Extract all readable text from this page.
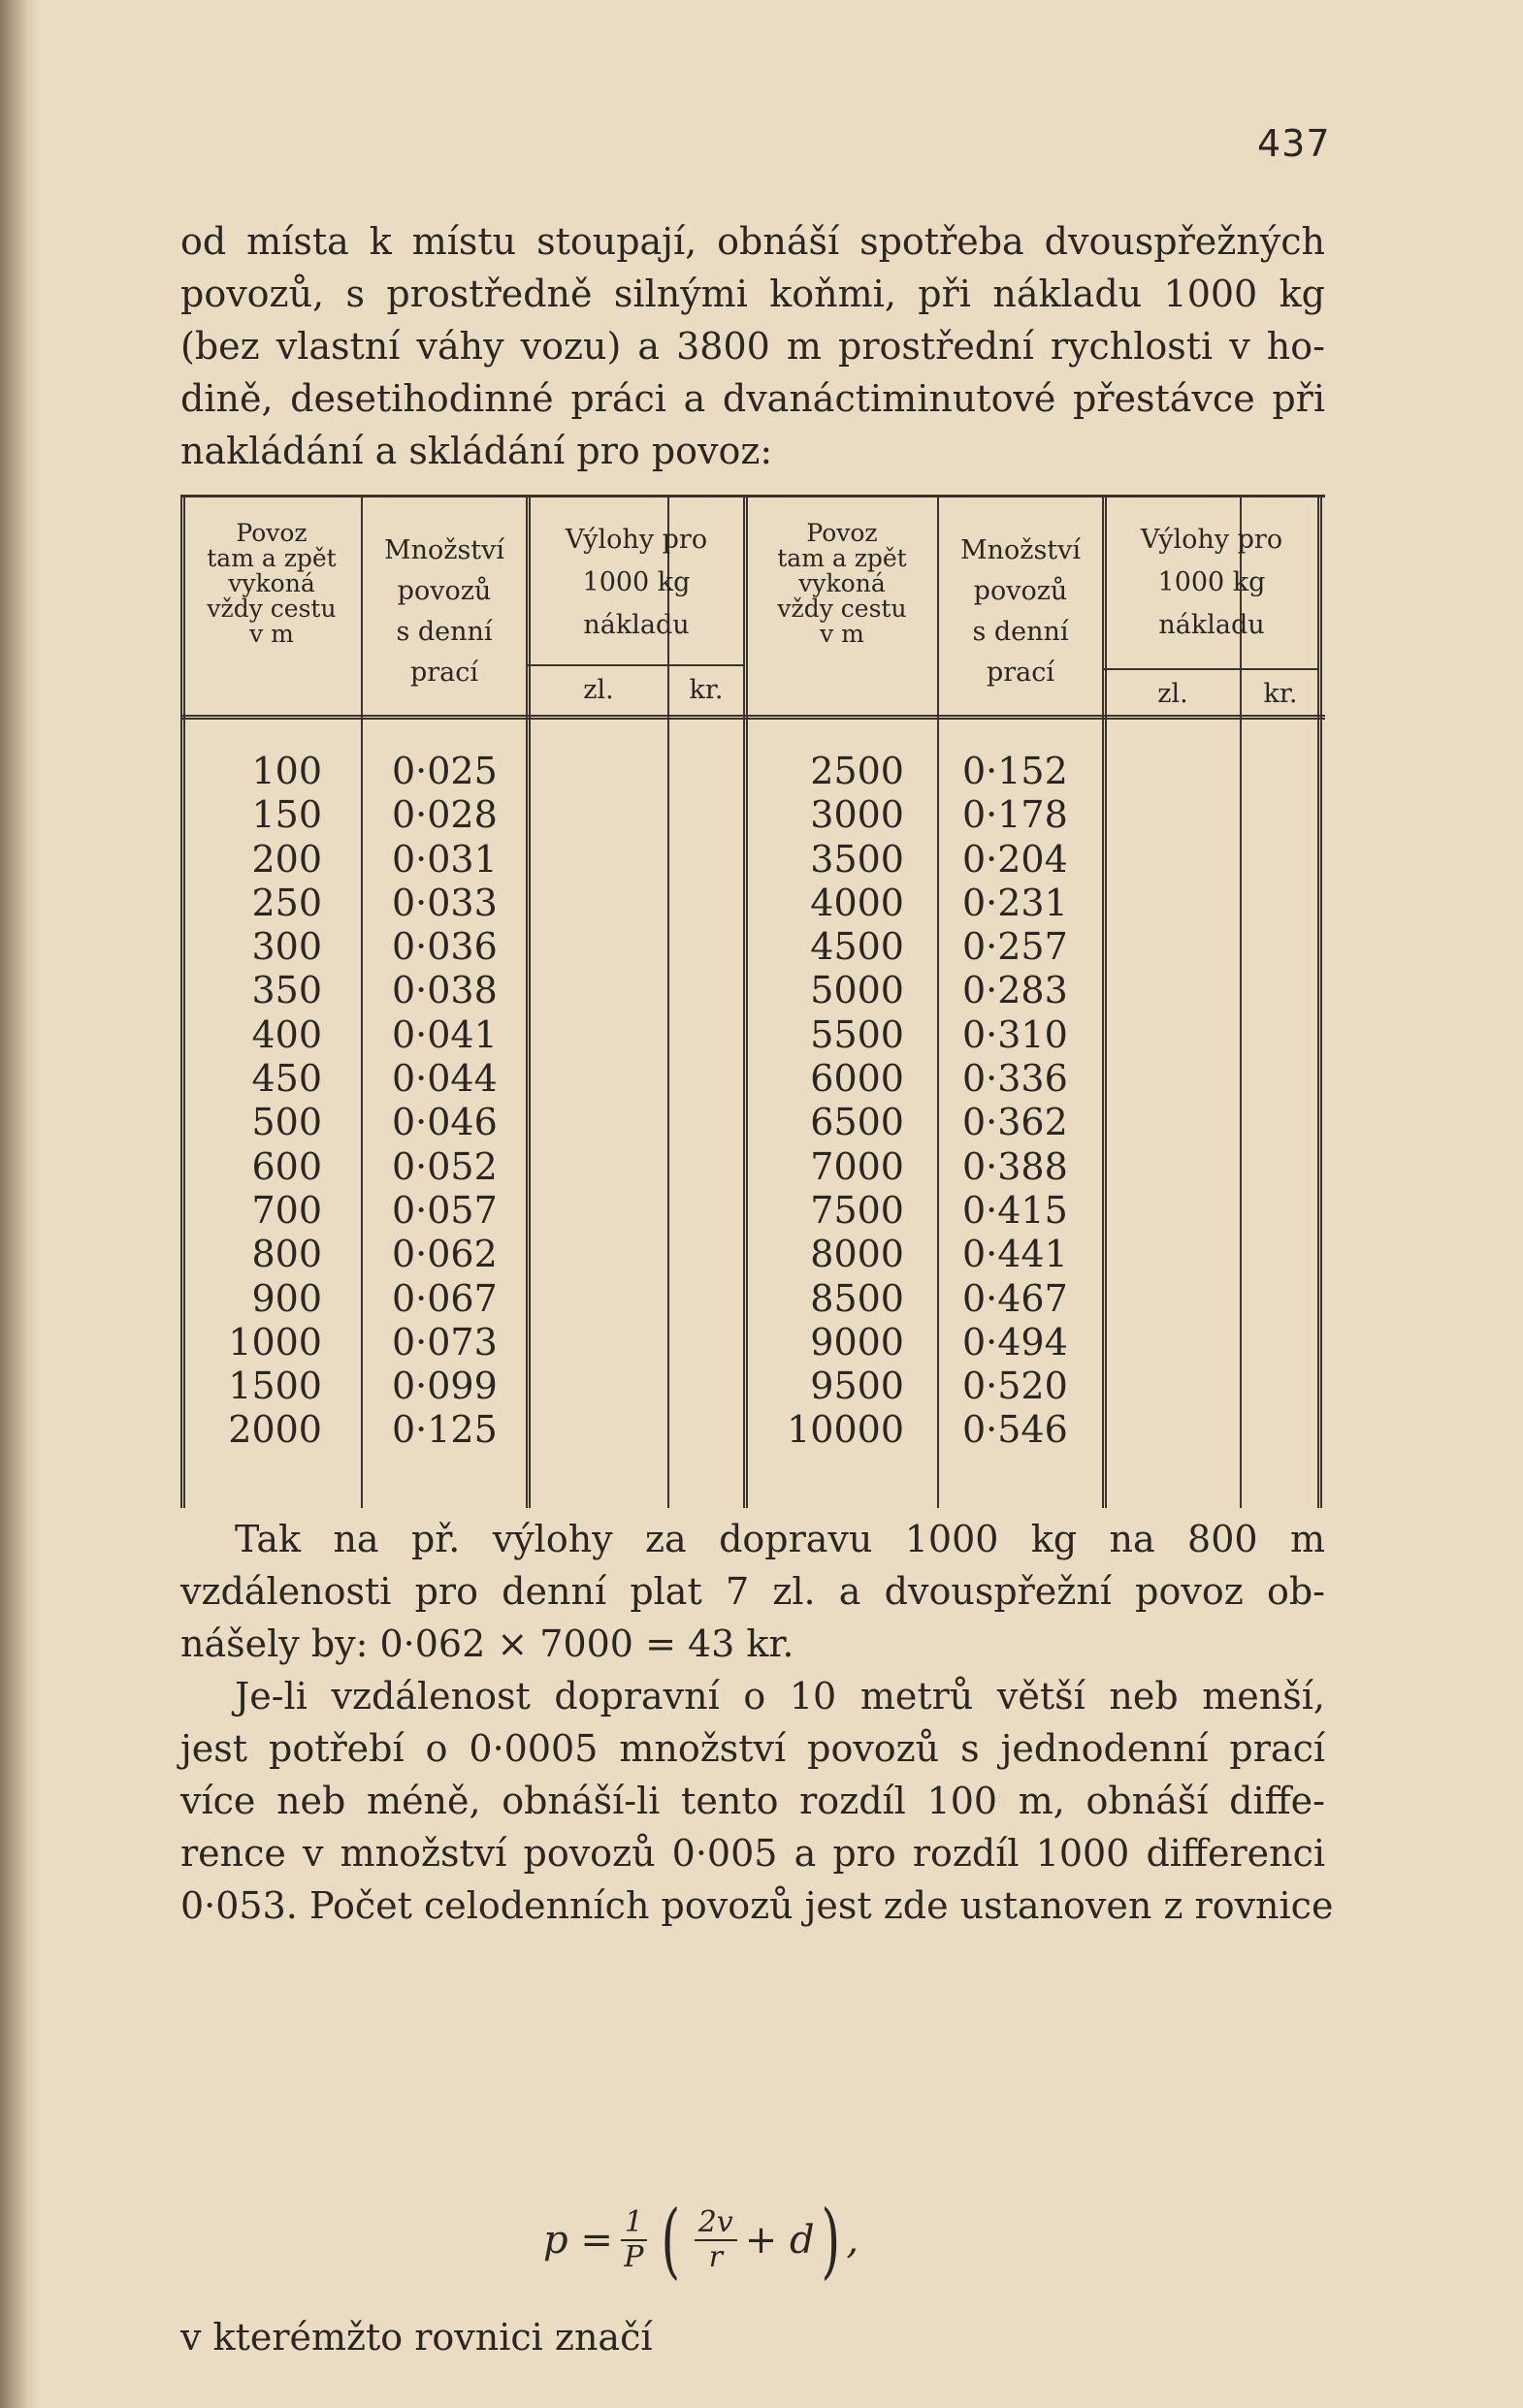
437
od místa k místu stoupají, obnáší spotřeba dvouspřežných
povozů, s prostředně silnými koňmi, při nákladu 1000 kg
(bez vlastní váhy vozu) a 3800 m prostřední rychlosti v ho-
dině, desetihodinné práci a dvanáctiminutové přestávce při
nakládání a skládání pro povoz:
Povoz
tam a zpět
vykoná
vždy cestu
v m
Množství
povozů
s denní
prací
Výlohy pro
1000 kg
nákladu
zl.	kr.
Povoz
tam a zpět
vykoná
vždy cestu
v m
Množství
povozů
s denní
prací
Výlohy pro
1000 kg
nákladu
zl.	kr.
100
150
200
250
300
350
400
450
500
600
700
800
900
1000
1500
2000
0·025
0·028
0·031
0·033
0·036
0·038
0·041
0·044
0·046
0·052
0·057
0·062
0·067
0·073
0·099
0·125
2500
3000
3500
4000
4500
5000
5500
6000
6500
7000
7500
8000
8500
9000
9500
10000
0·152
0·178
0·204
0·231
0·257
0·283
0·310
0·336
0·362
0·388
0·415
0·441
0·467
0·494
0·520
0·546
Tak na př. výlohy za dopravu 1000 kg na 800 m
vzdálenosti pro denní plat 7 zl. a dvouspřežní povoz ob-
nášely by: 0·062 × 7000 = 43 kr.
Je-li vzdálenost dopravní o 10 metrů větší neb menší,
jest potřebí o 0·0005 množství povozů s jednodenní prací
více neb méně, obnáší-li tento rozdíl 100 m, obnáší diffe-
rence v množství povozů 0·005 a pro rozdíl 1000 differenci
0·053. Počet celodenních povozů jest zde ustanoven z rovnice
$p = \frac{1}{P}$ ( $\frac{2v}{r} + d$ ) ,
v kterémžto rovnici značí
